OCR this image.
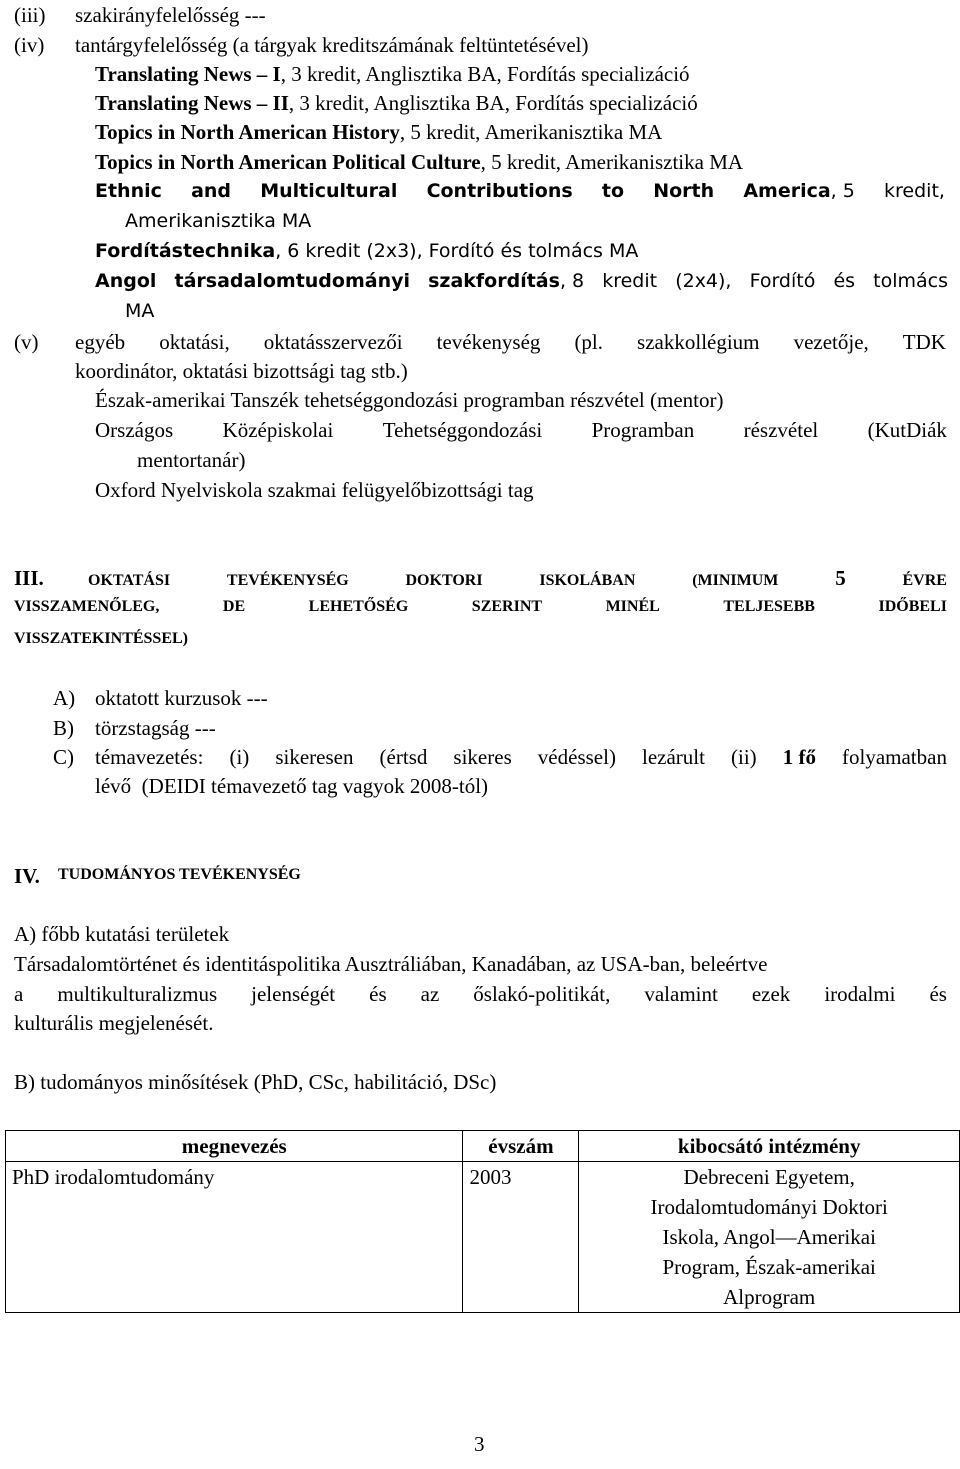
(iii) szakirányfelelősség ---
(iv) tantárgyfelelősség (a tárgyak kreditszámának feltüntetésével)
Translating News – I, 3 kredit, Anglisztika BA, Fordítás specializáció
Translating News – II, 3 kredit, Anglisztika BA, Fordítás specializáció
Topics in North American History, 5 kredit, Amerikanisztika MA
Topics in North American Political Culture, 5 kredit, Amerikanisztika MA
Ethnic and Multicultural Contributions to North America, 5 kredit,
Amerikanisztika MA
Fordítástechnika, 6 kredit (2x3), Fordító és tolmács MA
Angol társadalomtudományi szakfordítás, 8 kredit (2x4), Fordító és tolmács
MA
(v) egyéb oktatási, oktatásszervezői tevékenység (pl. szakkollégium vezetője, TDK
koordinátor, oktatási bizottsági tag stb.)
Észak-amerikai Tanszék tehetséggondozási programban részvétel (mentor)
Országos Középiskolai Tehetséggondozási Programban részvétel (KutDiák
mentortanár)
Oxford Nyelviskola szakmai felügyelőbizottsági tag
III.	OKTATÁSI	TEVÉKENYSÉG	DOKTORI	ISKOLÁBAN	(MINIMUM	5	ÉVRE
VISSZAMENŐLEG,	DE	LEHETŐSÉG	SZERINT	MINÉL	TELJESEBB	IDŐBELI
VISSZATEKINTÉSSEL)
A) oktatott kurzusok ---
B) törzstagság ---
C) témavezetés: (i) sikeresen (értsd sikeres védéssel) lezárult (ii) 1 fő folyamatban
lévő  (DEIDI témavezető tag vagyok 2008-tól)
IV. TUDOMÁNYOS TEVÉKENYSÉG
A) főbb kutatási területek
Társadalomtörténet és identitáspolitika Ausztráliában, Kanadában, az USA-ban, beleértve
a multikulturalizmus jelenségét és az őslakó-politikát, valamint ezek irodalmi és
kulturális megjelenését.
B) tudományos minősítések (PhD, CSc, habilitáció, DSc)
megnevezés	évszám	kibocsátó intézmény
PhD irodalomtudomány	2003	Debreceni Egyetem,
Irodalomtudományi Doktori
Iskola, Angol—Amerikai
Program, Észak-amerikai
Alprogram
3
